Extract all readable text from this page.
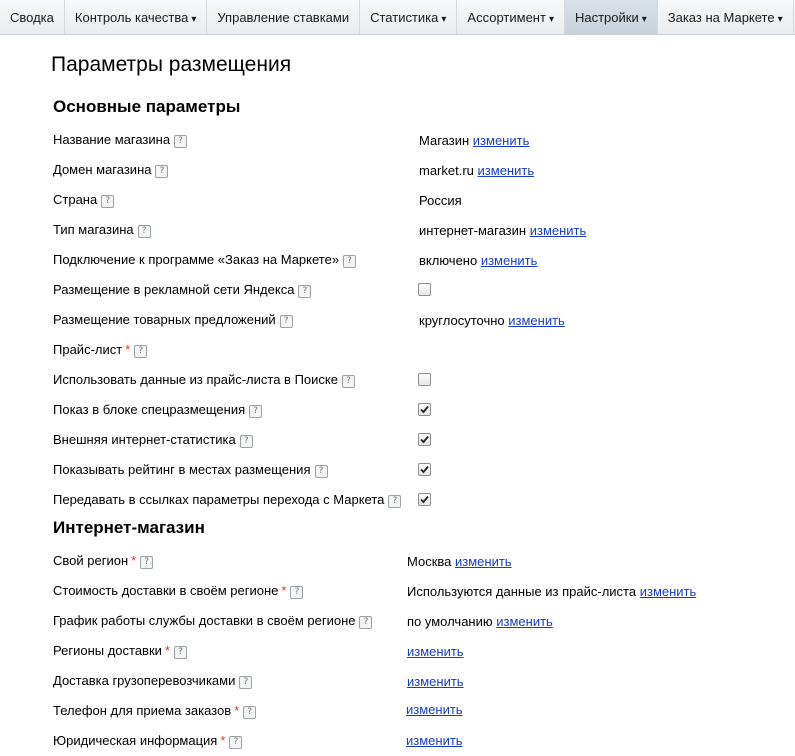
Сводка	Контроль качества ▾	Управление ставками	Статистика ▾	Ассортимент ▾	Настройки ▾	Заказ на Маркете ▾
Параметры размещения
Основные параметры
Название магазина ?	Магазин изменить
Домен магазина ?	market.ru изменить
Страна ?	Россия
Тип магазина ?	интернет-магазин изменить
Подключение к программе «Заказ на Маркете» ?	включено изменить
Размещение в рекламной сети Яндекса ?
Размещение товарных предложений ?	круглосуточно изменить
Прайс-лист * ?
Использовать данные из прайс-листа в Поиске ?
Показ в блоке спецразмещения ?
Внешняя интернет-статистика ?
Показывать рейтинг в местах размещения ?
Передавать в ссылках параметры перехода с Маркета ?
Интернет-магазин
Свой регион * ?	Москва изменить
Стоимость доставки в своём регионе * ?	Используются данные из прайс-листа изменить
График работы службы доставки в своём регионе ?	по умолчанию изменить
Регионы доставки * ?	изменить
Доставка грузоперевозчиками ?	изменить
Телефон для приема заказов * ?	изменить
Юридическая информация * ?	изменить
